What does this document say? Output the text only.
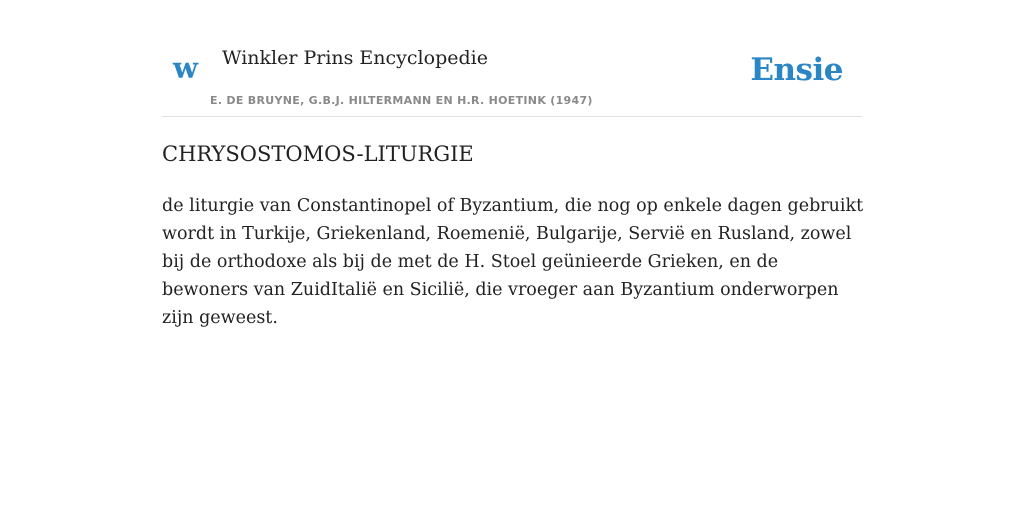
w Winkler Prins Encyclopedie
E. DE BRUYNE, G.B.J. HILTERMANN EN H.R. HOETINK (1947)
Ensie
CHRYSOSTOMOS-LITURGIE

de liturgie van Constantinopel of Byzantium, die nog op enkele dagen gebruikt wordt in Turkije, Griekenland, Roemenië, Bulgarije, Servië en Rusland, zowel bij de orthodoxe als bij de met de H. Stoel geünieerde Grieken, en de bewoners van ZuidItalië en Sicilië, die vroeger aan Byzantium onderworpen zijn geweest.
